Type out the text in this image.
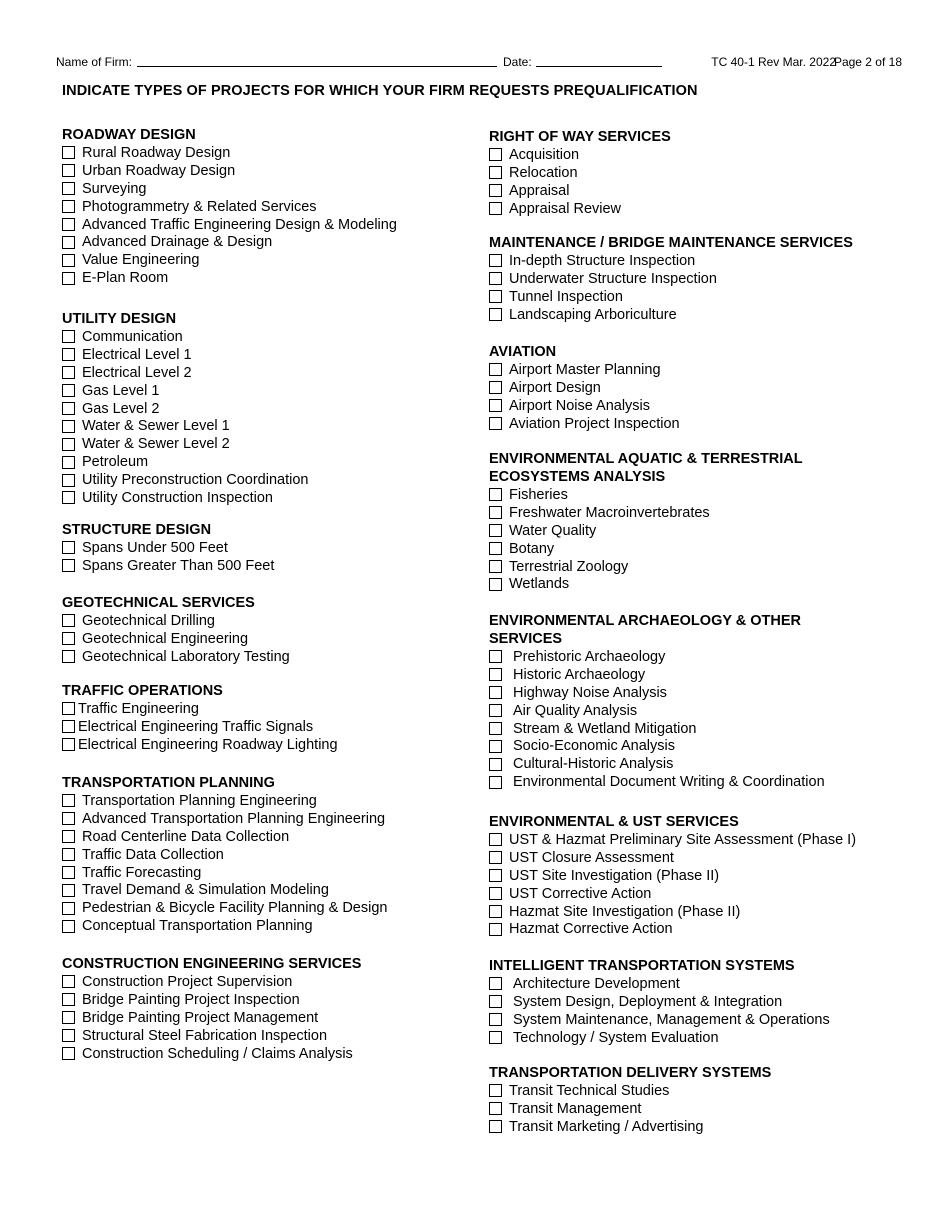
Name of Firm:	Date:	TC 40-1 Rev Mar. 2022
Page 2 of 18
INDICATE TYPES OF PROJECTS FOR WHICH YOUR FIRM REQUESTS PREQUALIFICATION
ROADWAY DESIGN
Rural Roadway Design
Urban Roadway Design
Surveying
Photogrammetry & Related Services
Advanced Traffic Engineering Design & Modeling
Advanced Drainage & Design
Value Engineering
E-Plan Room
UTILITY DESIGN
Communication
Electrical Level 1
Electrical Level 2
Gas Level 1
Gas Level 2
Water & Sewer Level 1
Water & Sewer Level 2
Petroleum
Utility Preconstruction Coordination
Utility Construction Inspection
STRUCTURE DESIGN
Spans Under 500 Feet
Spans Greater Than 500 Feet
GEOTECHNICAL SERVICES
Geotechnical Drilling
Geotechnical Engineering
Geotechnical Laboratory Testing
TRAFFIC OPERATIONS
Traffic Engineering
Electrical Engineering Traffic Signals
Electrical Engineering Roadway Lighting
TRANSPORTATION PLANNING
Transportation Planning Engineering
Advanced Transportation Planning Engineering
Road Centerline Data Collection
Traffic Data Collection
Traffic Forecasting
Travel Demand & Simulation Modeling
Pedestrian & Bicycle Facility Planning & Design
Conceptual Transportation Planning
CONSTRUCTION ENGINEERING SERVICES
Construction Project Supervision
Bridge Painting Project Inspection
Bridge Painting Project Management
Structural Steel Fabrication Inspection
Construction Scheduling / Claims Analysis
RIGHT OF WAY SERVICES
Acquisition
Relocation
Appraisal
Appraisal Review
MAINTENANCE / BRIDGE MAINTENANCE SERVICES
In-depth Structure Inspection
Underwater Structure Inspection
Tunnel Inspection
Landscaping Arboriculture
AVIATION
Airport Master Planning
Airport Design
Airport Noise Analysis
Aviation Project Inspection
ENVIRONMENTAL AQUATIC & TERRESTRIAL
ECOSYSTEMS ANALYSIS
Fisheries
Freshwater Macroinvertebrates
Water Quality
Botany
Terrestrial Zoology
Wetlands
ENVIRONMENTAL ARCHAEOLOGY & OTHER
SERVICES
Prehistoric Archaeology
Historic Archaeology
Highway Noise Analysis
Air Quality Analysis
Stream & Wetland Mitigation
Socio-Economic Analysis
Cultural-Historic Analysis
Environmental Document Writing & Coordination
ENVIRONMENTAL & UST SERVICES
UST & Hazmat Preliminary Site Assessment (Phase I)
UST Closure Assessment
UST Site Investigation (Phase II)
UST Corrective Action
Hazmat Site Investigation (Phase II)
Hazmat Corrective Action
INTELLIGENT TRANSPORTATION SYSTEMS
Architecture Development
System Design, Deployment & Integration
System Maintenance, Management & Operations
Technology / System Evaluation
TRANSPORTATION DELIVERY SYSTEMS
Transit Technical Studies
Transit Management
Transit Marketing / Advertising
